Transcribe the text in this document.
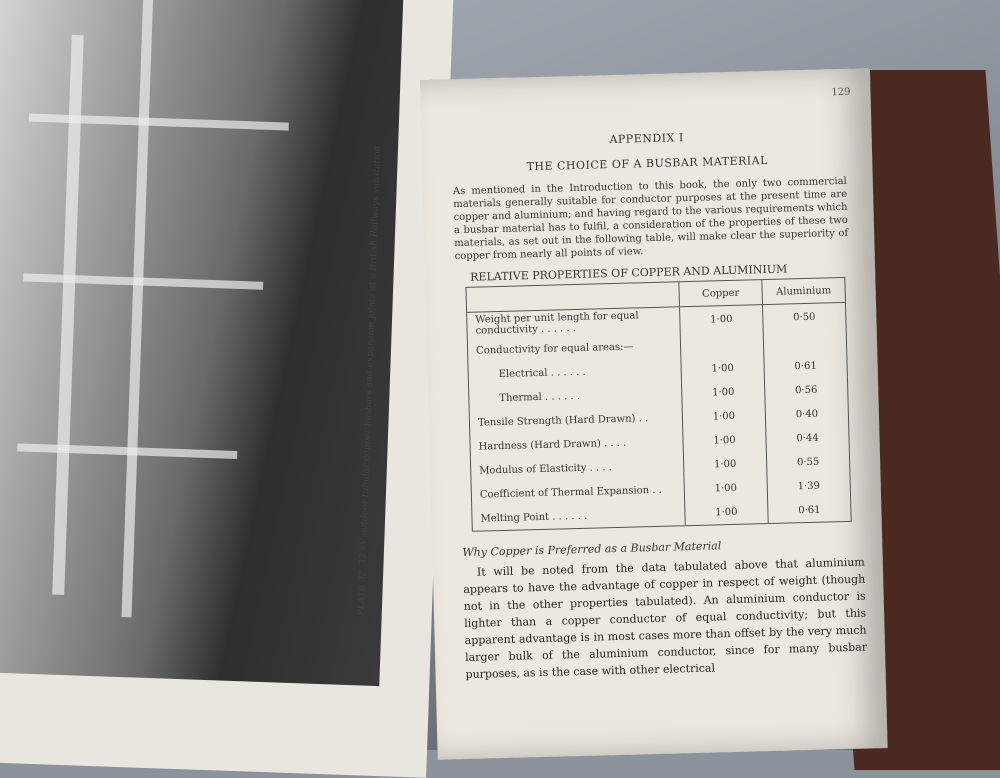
PLATE 32. 33 kV outdoor tubular copper busbars and expansion joints at a British Railways substation
129
APPENDIX I
THE CHOICE OF A BUSBAR MATERIAL
As mentioned in the Introduction to this book, the only two commercial materials generally suitable for conductor purposes at the present time are copper and aluminium; and having regard to the various requirements which a busbar material has to fulfil, a consideration of the properties of these two materials, as set out in the following table, will make clear the superiority of copper from nearly all points of view.
RELATIVE PROPERTIES OF COPPER AND ALUMINIUM
	Copper	Aluminium
Weight per unit length for equal conductivity . . . . . .	1·00	0·50
Conductivity for equal areas:—		
Electrical . . . . . .	1·00	0·61
Thermal . . . . . .	1·00	0·56
Tensile Strength (Hard Drawn) . .	1·00	0·40
Hardness (Hard Drawn) . . . .	1·00	0·44
Modulus of Elasticity . . . .	1·00	0·55
Coefficient of Thermal Expansion . .	1·00	1·39
Melting Point . . . . . .	1·00	0·61
Why Copper is Preferred as a Busbar Material
It will be noted from the data tabulated above that aluminium appears to have the advantage of copper in respect of weight (though not in the other properties tabulated). An aluminium conductor is lighter than a copper conductor of equal conductivity; but this apparent advantage is in most cases more than offset by the very much larger bulk of the aluminium conductor, since for many busbar purposes, as is the case with other electrical
